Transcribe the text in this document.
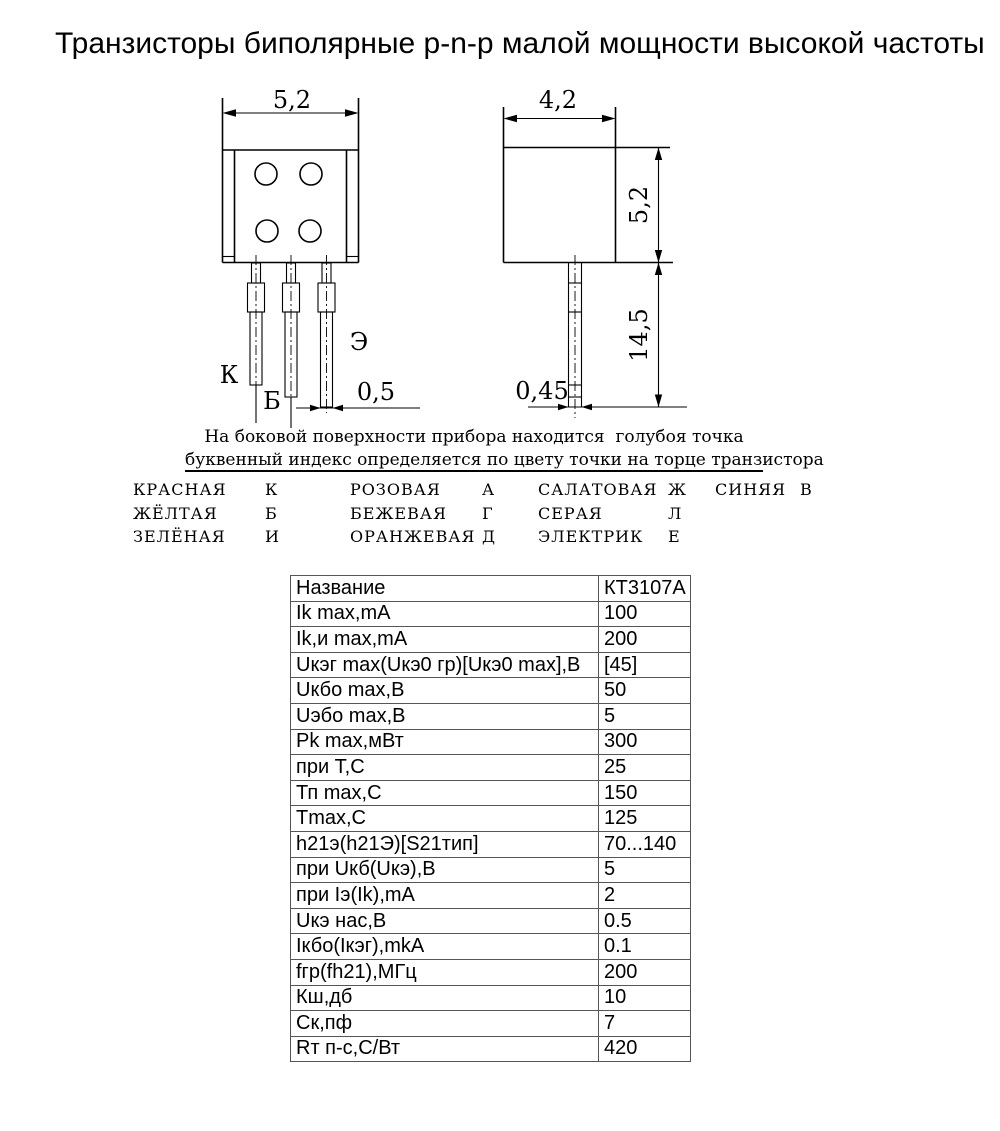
Транзисторы биполярные p-n-p малой мощности высокой частоты
5,2
К
Б
Э
0,5
4,2
5,2
14,5
0,45
На боковой поверхности прибора находится  голубоя точка
буквенный индекс определяется по цвету точки на торце транзистора
КРАСНАЯ	К	РОЗОВАЯ	А	САЛАТОВАЯ Ж	СИНЯЯ В
ЖЁЛТАЯ	Б	БЕЖЕВАЯ	Г	СЕРАЯ	Л
ЗЕЛЁНАЯ	И	ОРАНЖЕВАЯ Д	ЭЛЕКТРИК	Е
Название	КТ3107А
Ik max,mA	100
Ik,и max,mA	200
Uкэг max(Uкэ0 гр)[Uкэ0 max],В	[45]
Uкбо max,В	50
Uэбо max,В	5
Pk max,мВт	300
при T,C	25
Тп max,C	150
Tmax,C	125
h21э(h21Э)[S21тип]	70...140
при Uкб(Uкэ),В	5
при Iэ(Ik),mA	2
Uкэ нас,В	0.5
Iкбо(Iкэг),mkA	0.1
fгр(fh21),МГц	200
Кш,дб	10
Ск,пф	7
Rт п-с,С/Вт	420
